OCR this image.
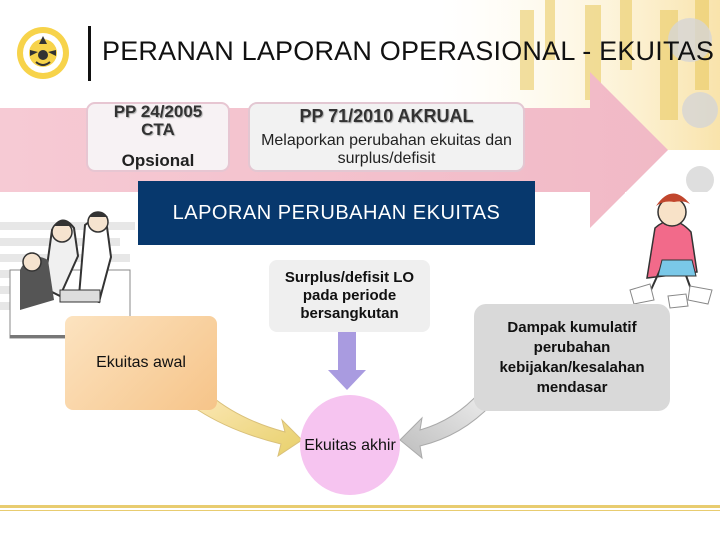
PERANAN LAPORAN OPERASIONAL - EKUITAS
PP 24/2005
CTA
Opsional
PP 71/2010 AKRUAL
Melaporkan perubahan ekuitas dan surplus/defisit
LAPORAN PERUBAHAN EKUITAS
Surplus/defisit LO pada periode bersangkutan
Ekuitas awal
Dampak kumulatif perubahan kebijakan/kesalahan mendasar
Ekuitas akhir
